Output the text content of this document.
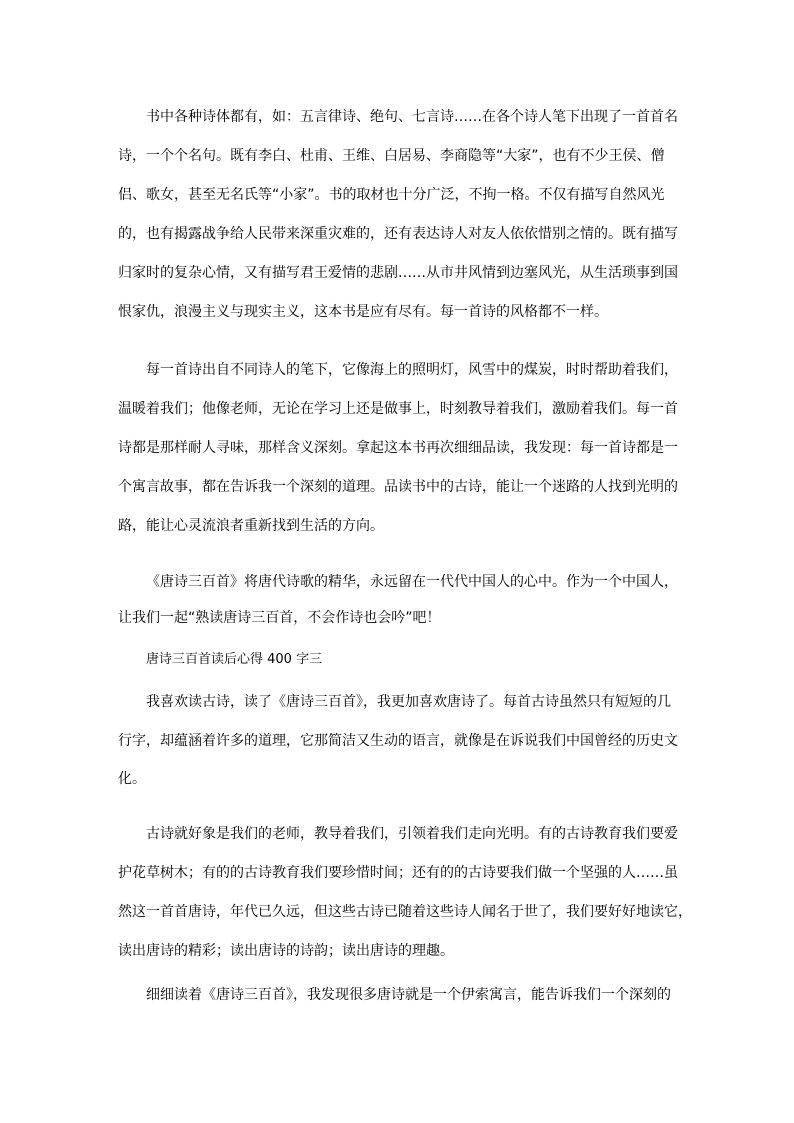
书中各种诗体都有，如：五言律诗、绝句、七言诗……在各个诗人笔下出现了一首首名
诗，一个个名句。既有李白、杜甫、王维、白居易、李商隐等“大家”，也有不少王侯、僧
侣、歌女，甚至无名氏等“小家”。书的取材也十分广泛，不拘一格。不仅有描写自然风光
的，也有揭露战争给人民带来深重灾难的，还有表达诗人对友人依依惜别之情的。既有描写
归家时的复杂心情，又有描写君王爱情的悲剧……从市井风情到边塞风光，从生活琐事到国
恨家仇，浪漫主义与现实主义，这本书是应有尽有。每一首诗的风格都不一样。
每一首诗出自不同诗人的笔下，它像海上的照明灯，风雪中的煤炭，时时帮助着我们，
温暖着我们；他像老师，无论在学习上还是做事上，时刻教导着我们，激励着我们。每一首
诗都是那样耐人寻味，那样含义深刻。拿起这本书再次细细品读，我发现：每一首诗都是一
个寓言故事，都在告诉我一个深刻的道理。品读书中的古诗，能让一个迷路的人找到光明的
路，能让心灵流浪者重新找到生活的方向。
《唐诗三百首》将唐代诗歌的精华，永远留在一代代中国人的心中。作为一个中国人，
让我们一起“熟读唐诗三百首，不会作诗也会吟”吧！
唐诗三百首读后心得 400 字三
我喜欢读古诗，读了《唐诗三百首》，我更加喜欢唐诗了。每首古诗虽然只有短短的几
行字，却蕴涵着许多的道理，它那简洁又生动的语言，就像是在诉说我们中国曾经的历史文
化。
古诗就好象是我们的老师，教导着我们，引领着我们走向光明。有的古诗教育我们要爱
护花草树木；有的的古诗教育我们要珍惜时间；还有的的古诗要我们做一个坚强的人……虽
然这一首首唐诗，年代已久远，但这些古诗已随着这些诗人闻名于世了，我们要好好地读它，
读出唐诗的精彩；读出唐诗的诗韵；读出唐诗的理趣。
细细读着《唐诗三百首》，我发现很多唐诗就是一个伊索寓言，能告诉我们一个深刻的
